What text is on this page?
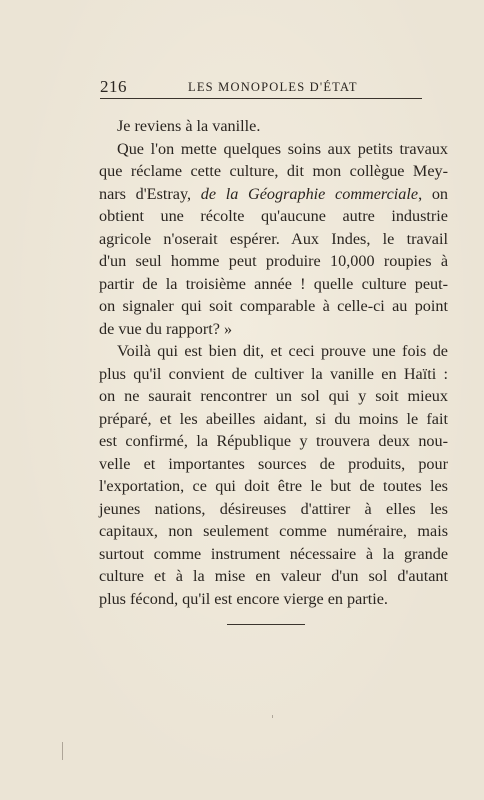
216	LES MONOPOLES D'ÉTAT
Je reviens à la vanille.
Que l'on mette quelques soins aux petits travaux
que réclame cette culture, dit mon collègue Mey-
nars d'Estray, de la Géographie commerciale, on
obtient une récolte qu'aucune autre industrie
agricole n'oserait espérer. Aux Indes, le travail
d'un seul homme peut produire 10,000 roupies à
partir de la troisième année ! quelle culture peut-
on signaler qui soit comparable à celle-ci au point
de vue du rapport? »
Voilà qui est bien dit, et ceci prouve une fois de
plus qu'il convient de cultiver la vanille en Haïti :
on ne saurait rencontrer un sol qui y soit mieux
préparé, et les abeilles aidant, si du moins le fait
est confirmé, la République y trouvera deux nou-
velle et importantes sources de produits, pour
l'exportation, ce qui doit être le but de toutes les
jeunes nations, désireuses d'attirer à elles les
capitaux, non seulement comme numéraire, mais
surtout comme instrument nécessaire à la grande
culture et à la mise en valeur d'un sol d'autant
plus fécond, qu'il est encore vierge en partie.
